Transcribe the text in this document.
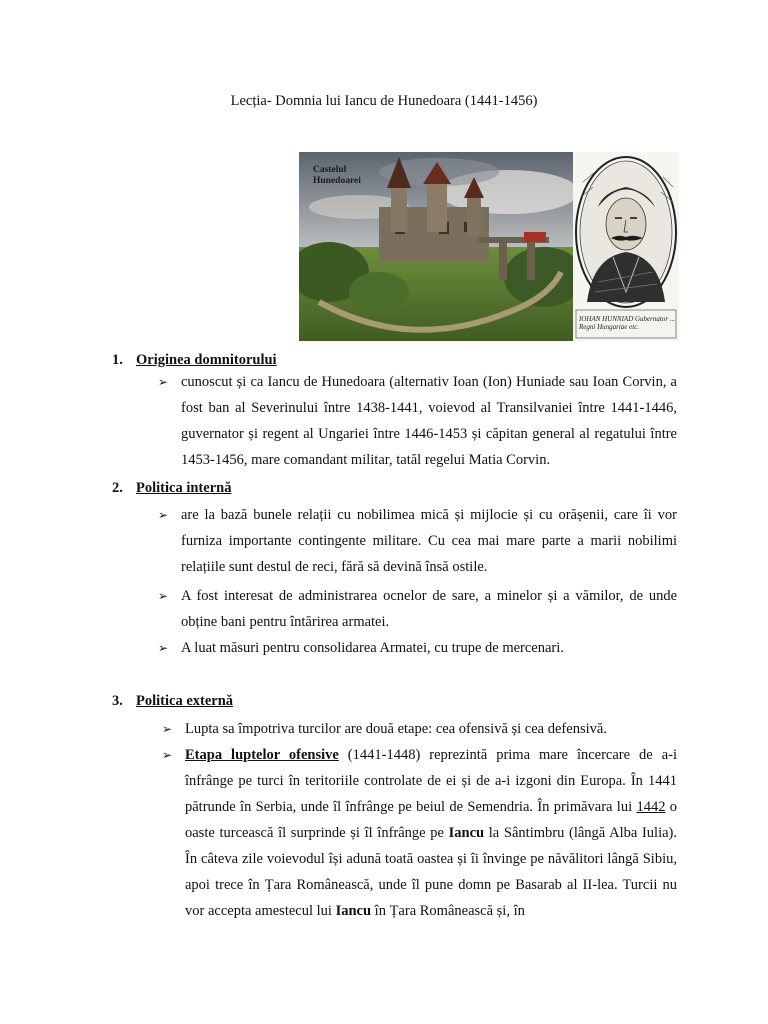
Lecția- Domnia lui Iancu de Hunedoara (1441-1456)
Castelul
Hunedoarei
IOHAN HUNNIAD Gubernator ... Regni Hungariae etc.
1. Originea domnitorului
➢ cunoscut și ca Iancu de Hunedoara (alternativ Ioan (Ion) Huniade sau Ioan Corvin, a fost ban al Severinului între 1438-1441, voievod al Transilvaniei între 1441-1446, guvernator și regent al Ungariei între 1446-1453 și căpitan general al regatului între 1453-1456, mare comandant militar, tatăl regelui Matia Corvin.
2. Politica internă
➢ are la bază bunele relații cu nobilimea mică și mijlocie și cu orășenii, care îi vor furniza importante contingente militare. Cu cea mai mare parte a marii nobilimi relațiile sunt destul de reci, fără să devină însă ostile.
➢ A fost interesat de administrarea ocnelor de sare, a minelor și a vămilor, de unde obține bani pentru întărirea armatei.
➢ A luat măsuri pentru consolidarea Armatei, cu trupe de mercenari.
3. Politica externă
➢ Lupta sa împotriva turcilor are două etape: cea ofensivă și cea defensivă.
➢ Etapa luptelor ofensive (1441-1448) reprezintă prima mare încercare de a-i înfrânge pe turci în teritoriile controlate de ei și de a-i izgoni din Europa. În 1441 pătrunde în Serbia, unde îl înfrânge pe beiul de Semendria. În primăvara lui 1442 o oaste turcească îl surprinde și îl înfrânge pe Iancu la Sântimbru (lângă Alba Iulia). În câteva zile voievodul își adună toată oastea și îi învinge pe năvălitori lângă Sibiu, apoi trece în Țara Românească, unde îl pune domn pe Basarab al II-lea. Turcii nu vor accepta amestecul lui Iancu în Țara Românească și, în
